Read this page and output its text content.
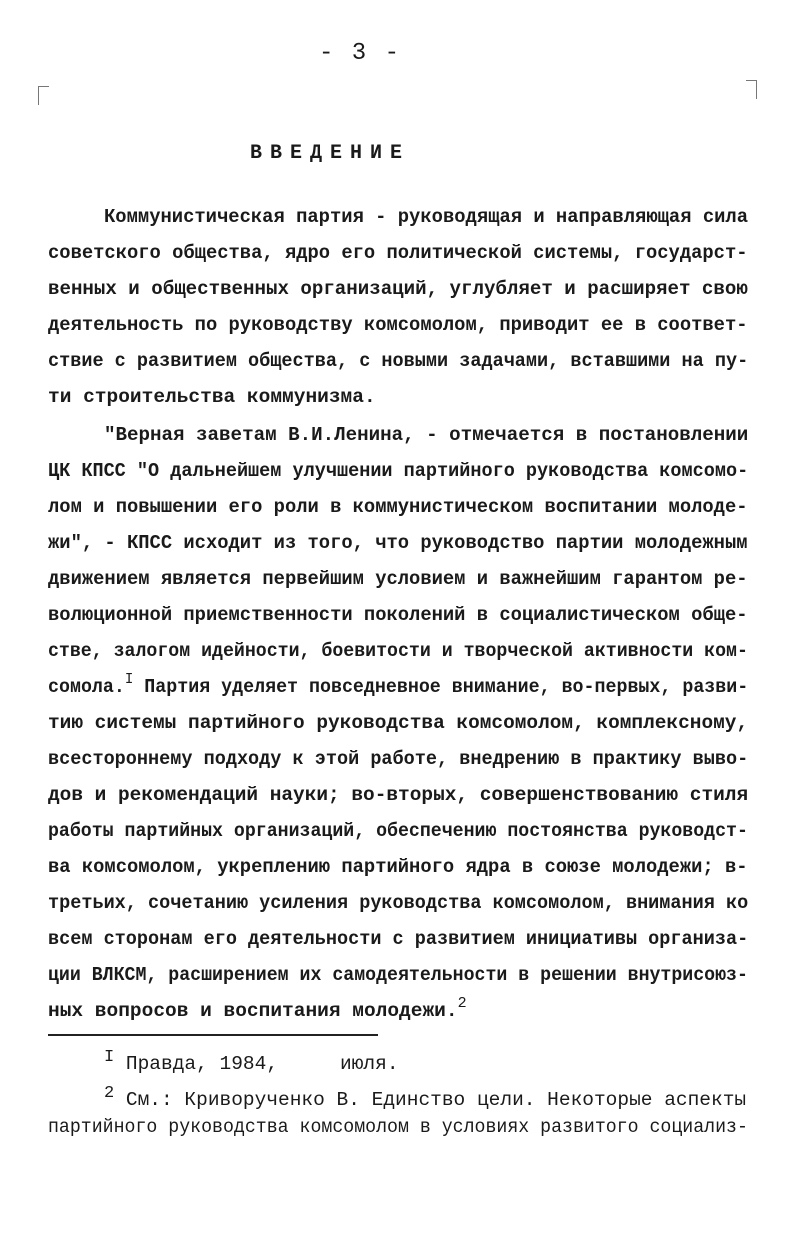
- 3 -
ВВЕДЕНИЕ
Коммунистическая партия - руководящая и направляющая сила
советского общества, ядро его политической системы, государст-
венных и общественных организаций, углубляет и расширяет свою
деятельность по руководству комсомолом, приводит ее в соответ-
ствие с развитием общества, с новыми задачами, вставшими на пу-
ти строительства коммунизма.
"Верная заветам В.И.Ленина, - отмечается в постановлении
ЦК КПСС "О дальнейшем улучшении партийного руководства комсомо-
лом и повышении его роли в коммунистическом воспитании молоде-
жи", - КПСС исходит из того, что руководство партии молодежным
движением является первейшим условием и важнейшим гарантом ре-
волюционной приемственности поколений в социалистическом обще-
стве, залогом идейности, боевитости и творческой активности ком-
сомола.$^I$ Партия уделяет повседневное внимание, во-первых, разви-
тию системы партийного руководства комсомолом, комплексному,
всестороннему подходу к этой работе, внедрению в практику выво-
дов и рекомендаций науки; во-вторых, совершенствованию стиля
работы партийных организаций, обеспечению постоянства руководст-
ва комсомолом, укреплению партийного ядра в союзе молодежи; в-
третьих, сочетанию усиления руководства комсомолом, внимания ко
всем сторонам его деятельности с развитием инициативы организа-
ции ВЛКСМ, расширением их самодеятельности в решении внутрисоюз-
ных вопросов и воспитания молодежи.$^2$
I Правда, 1984,	июля.
2 См.: Криворученко В. Единство цели. Некоторые аспекты
партийного руководства комсомолом в условиях развитого социализ-
